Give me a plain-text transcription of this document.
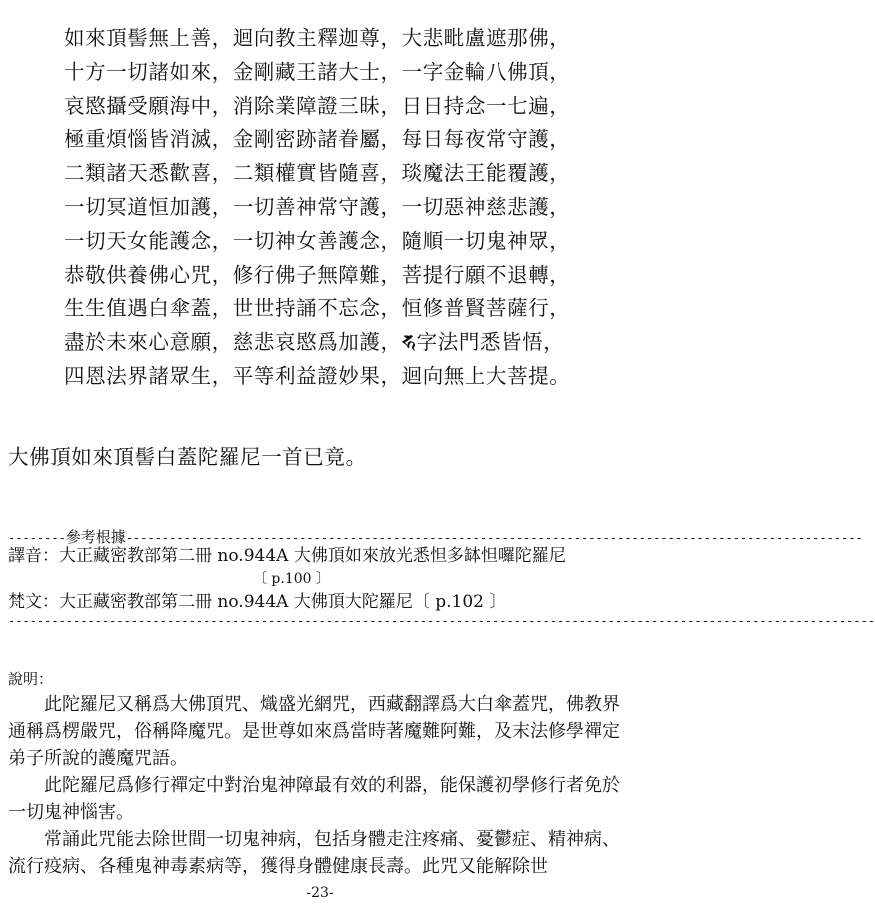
如來頂髻無上善，迴向教主釋迦尊，大悲毗盧遮那佛，
十方一切諸如來，金剛藏王諸大士，一字金輪八佛頂，
哀愍攝受願海中，消除業障證三昧，日日持念一七遍，
極重煩惱皆消滅，金剛密跡諸眷屬，每日每夜常守護，
二類諸天悉歡喜，二類權實皆隨喜，琰魔法王能覆護，
一切冥道恒加護，一切善神常守護，一切惡神慈悲護，
一切天女能護念，一切神女善護念，隨順一切鬼神眾，
恭敬供養佛心咒，修行佛子無障難，菩提行願不退轉，
生生值遇白傘蓋，世世持誦不忘念，恒修普賢菩薩行，
盡於未來心意願，慈悲哀愍爲加護，𑖮字法門悉皆悟，
四恩法界諸眾生，平等利益證妙果，迴向無上大菩提。
大佛頂如來頂髻白蓋陀羅尼一首已竟。
--------參考根據------------------------------------------------------------------------------------------------------
譯音：大正藏密教部第二冊 no.944A 大佛頂如來放光悉怛多缽怛囉陀羅尼
〔 p.100 〕
梵文：大正藏密教部第二冊 no.944A 大佛頂大陀羅尼〔 p.102 〕
------------------------------------------------------------------------------------------------------------------------
說明：

此陀羅尼又稱爲大佛頂咒、熾盛光網咒，西藏翻譯爲大白傘蓋咒，佛教界通稱爲楞嚴咒，俗稱降魔咒。是世尊如來爲當時著魔難阿難，及末法修學禪定弟子所說的護魔咒語。

此陀羅尼爲修行禪定中對治鬼神障最有效的利器，能保護初學修行者免於一切鬼神惱害。

常誦此咒能去除世間一切鬼神病，包括身體走注疼痛、憂鬱症、精神病、流行疫病、各種鬼神毒素病等，獲得身體健康長壽。此咒又能解除世

-23-
